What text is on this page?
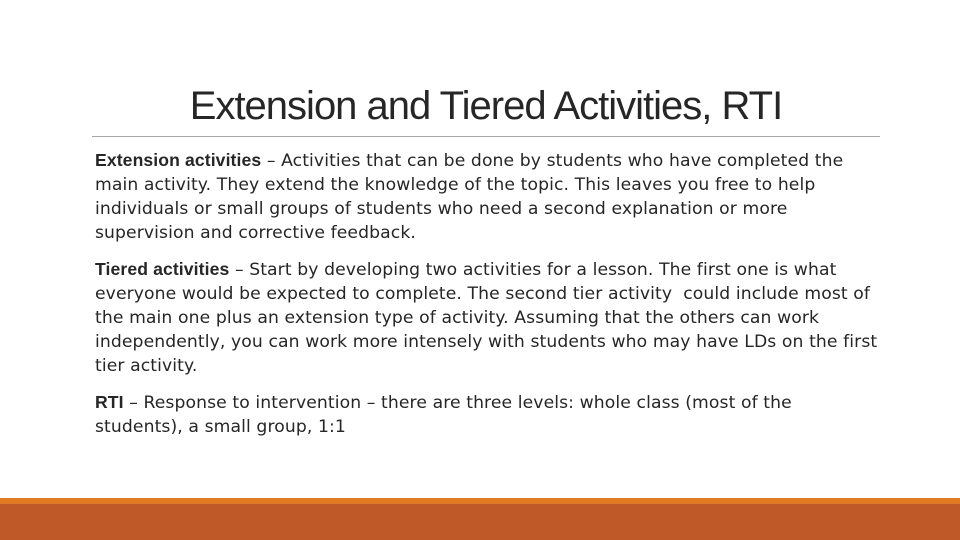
Extension and Tiered Activities, RTI

Extension activities – Activities that can be done by students who have completed the main activity. They extend the knowledge of the topic. This leaves you free to help individuals or small groups of students who need a second explanation or more supervision and corrective feedback.

Tiered activities – Start by developing two activities for a lesson. The first one is what everyone would be expected to complete. The second tier activity  could include most of the main one plus an extension type of activity. Assuming that the others can work independently, you can work more intensely with students who may have LDs on the first tier activity.

RTI – Response to intervention – there are three levels: whole class (most of the students), a small group, 1:1
